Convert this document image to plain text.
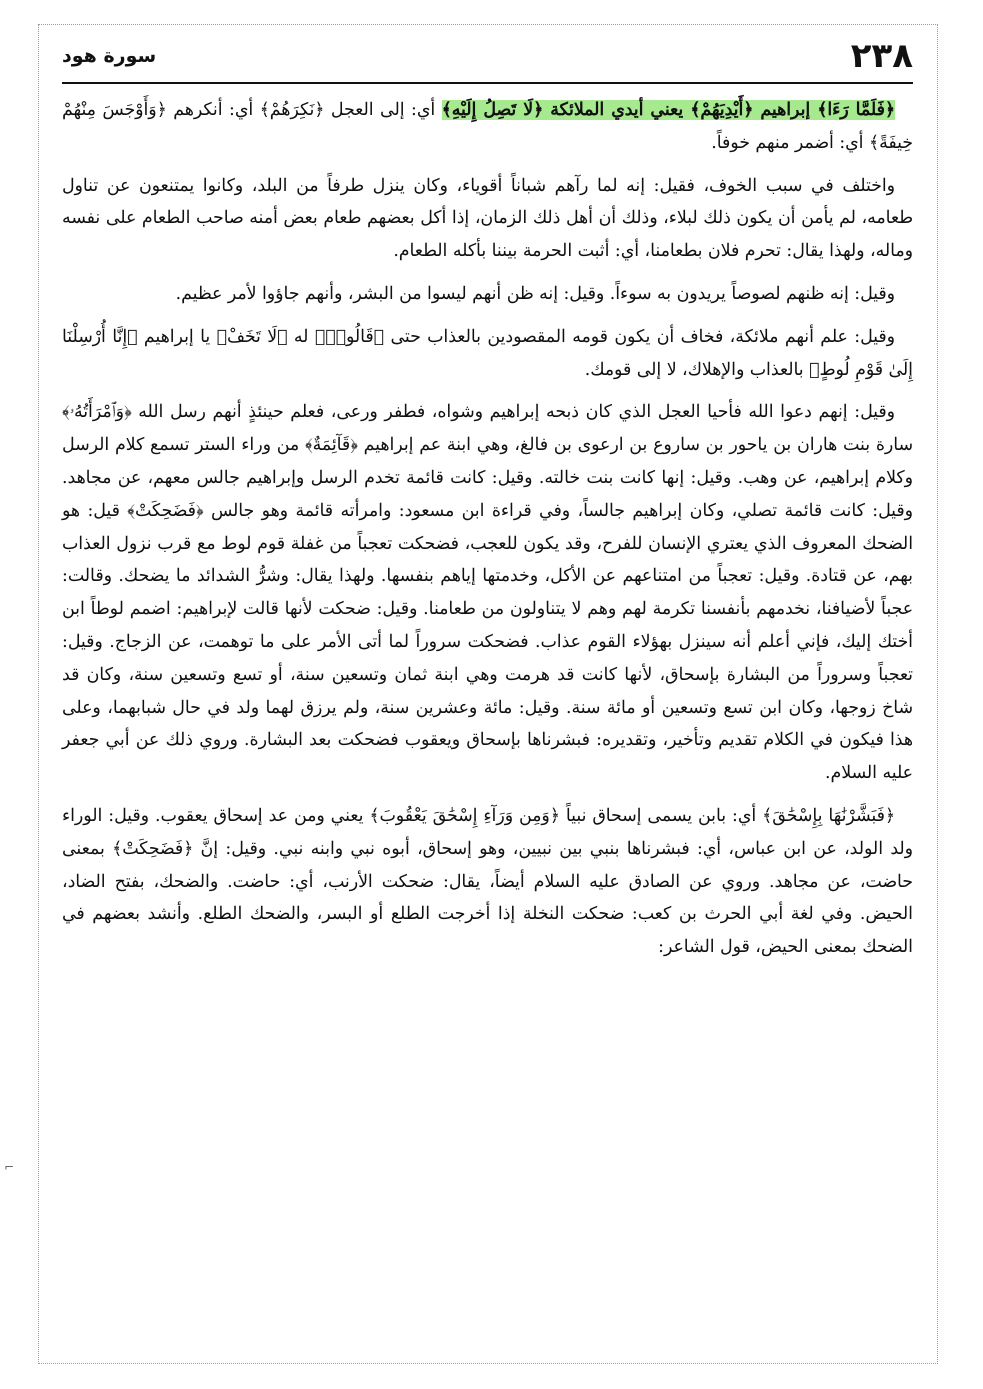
٢٣٨
سورة هود

﴿فَلَمَّا رَءَا﴾ إبراهيم ﴿أَيْدِيَهُمْ﴾ يعني أيدي الملائكة ﴿لَا تَصِلُ إِلَيْهِ﴾ أي: إلى العجل ﴿نَكِرَهُمْ﴾ أي: أنكرهم ﴿وَأَوْجَسَ مِنْهُمْ خِيفَةً﴾ أي: أضمر منهم خوفاً.

واختلف في سبب الخوف، فقيل: إنه لما رآهم شباناً أقوياء، وكان ينزل طرفاً من البلد، وكانوا يمتنعون عن تناول طعامه، لم يأمن أن يكون ذلك لبلاء، وذلك أن أهل ذلك الزمان، إذا أكل بعضهم طعام بعض أمنه صاحب الطعام على نفسه وماله، ولهذا يقال: تحرم فلان بطعامنا، أي: أثبت الحرمة بيننا بأكله الطعام.

وقيل: إنه ظنهم لصوصاً يريدون به سوءاً. وقيل: إنه ظن أنهم ليسوا من البشر، وأنهم جاؤوا لأمر عظيم.

وقيل: علم أنهم ملائكة، فخاف أن يكون قومه المقصودين بالعذاب حتى ﴿قَالُوا۟﴾ له ﴿لَا تَخَفْ﴾ يا إبراهيم ﴿إِنَّا أُرْسِلْنَا إِلَىٰ قَوْمِ لُوطٍ﴾ بالعذاب والإهلاك، لا إلى قومك.

وقيل: إنهم دعوا الله فأحيا العجل الذي كان ذبحه إبراهيم وشواه، فطفر ورعى، فعلم حينئذٍ أنهم رسل الله ﴿وَٱمْرَأَتُهُۥ﴾ سارة بنت هاران بن ياحور بن ساروع بن ارعوى بن فالغ، وهي ابنة عم إبراهيم ﴿قَآئِمَةٌ﴾ من وراء الستر تسمع كلام الرسل وكلام إبراهيم، عن وهب. وقيل: إنها كانت بنت خالته. وقيل: كانت قائمة تخدم الرسل وإبراهيم جالس معهم، عن مجاهد. وقيل: كانت قائمة تصلي، وكان إبراهيم جالساً، وفي قراءة ابن مسعود: وامرأته قائمة وهو جالس ﴿فَضَحِكَتْ﴾ قيل: هو الضحك المعروف الذي يعتري الإنسان للفرح، وقد يكون للعجب، فضحكت تعجباً من غفلة قوم لوط مع قرب نزول العذاب بهم، عن قتادة. وقيل: تعجباً من امتناعهم عن الأكل، وخدمتها إياهم بنفسها. ولهذا يقال: وشرُّ الشدائد ما يضحك. وقالت: عجباً لأضيافنا، نخدمهم بأنفسنا تكرمة لهم وهم لا يتناولون من طعامنا. وقيل: ضحكت لأنها قالت لإبراهيم: اضمم لوطاً ابن أختك إليك، فإني أعلم أنه سينزل بهؤلاء القوم عذاب. فضحكت سروراً لما أتى الأمر على ما توهمت، عن الزجاج. وقيل: تعجباً وسروراً من البشارة بإسحاق، لأنها كانت قد هرمت وهي ابنة ثمان وتسعين سنة، أو تسع وتسعين سنة، وكان قد شاخ زوجها، وكان ابن تسع وتسعين أو مائة سنة. وقيل: مائة وعشرين سنة، ولم يرزق لهما ولد في حال شبابهما، وعلى هذا فيكون في الكلام تقديم وتأخير، وتقديره: فبشرناها بإسحاق ويعقوب فضحكت بعد البشارة. وروي ذلك عن أبي جعفر عليه السلام.

﴿فَبَشَّرْنَٰهَا بِإِسْحَٰقَ﴾ أي: بابن يسمى إسحاق نبياً ﴿وَمِن وَرَآءِ إِسْحَٰقَ يَعْقُوبَ﴾ يعني ومن عد إسحاق يعقوب. وقيل: الوراء ولد الولد، عن ابن عباس، أي: فبشرناها بنبي بين نبيين، وهو إسحاق، أبوه نبي وابنه نبي. وقيل: إنَّ ﴿فَضَحِكَتْ﴾ بمعنى حاضت، عن مجاهد. وروي عن الصادق عليه السلام أيضاً، يقال: ضحكت الأرنب، أي: حاضت. والضحك، بفتح الضاد، الحيض. وفي لغة أبي الحرث بن كعب: ضحكت النخلة إذا أخرجت الطلع أو البسر، والضحك الطلع. وأنشد بعضهم في الضحك بمعنى الحيض، قول الشاعر:

⌐
